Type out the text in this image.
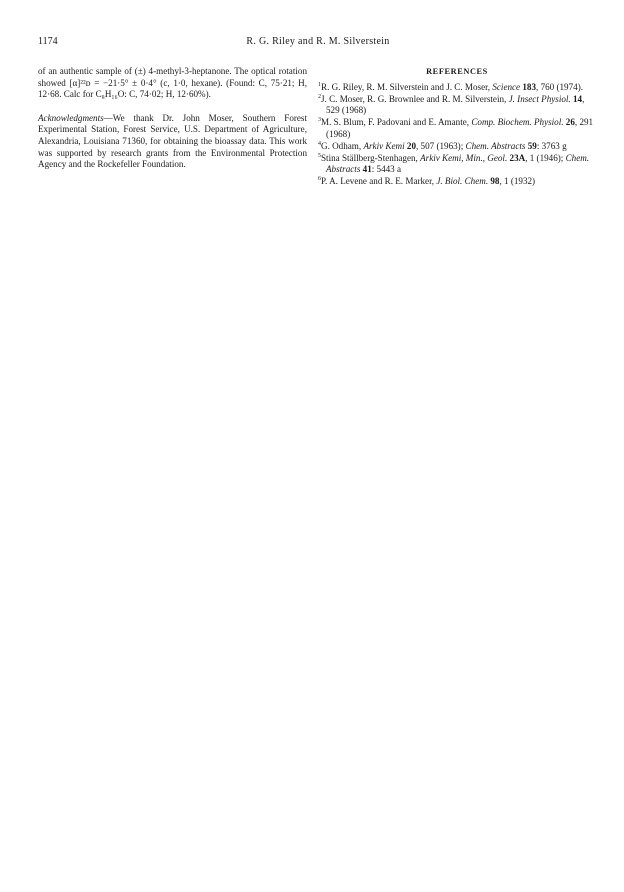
1174	R. G. Riley and R. M. Silverstein

of an authentic sample of (±) 4-methyl-3-heptanone. The optical rotation showed [α]²²ᴅ = −21·5° ± 0·4° (c, 1·0, hexane). (Found: C, 75·21; H, 12·68. Calc for C₈H₁₆O: C, 74·02; H, 12·60%).

Acknowledgments—We thank Dr. John Moser, Southern Forest Experimental Station, Forest Service, U.S. Department of Agriculture, Alexandria, Louisiana 71360, for obtaining the bioassay data. This work was supported by research grants from the Environmental Protection Agency and the Rockefeller Foundation.

REFERENCES
$^1$R. G. Riley, R. M. Silverstein and J. C. Moser, Science 183, 760 (1974).
$^2$J. C. Moser, R. G. Brownlee and R. M. Silverstein, J. Insect Physiol. 14, 529 (1968)
$^3$M. S. Blum, F. Padovani and E. Amante, Comp. Biochem. Physiol. 26, 291 (1968)
$^4$G. Odham, Arkiv Kemi 20, 507 (1963); Chem. Abstracts 59: 3763 g
$^5$Stina Ställberg-Stenhagen, Arkiv Kemi, Min., Geol. 23A, 1 (1946); Chem. Abstracts 41: 5443 a
$^6$P. A. Levene and R. E. Marker, J. Biol. Chem. 98, 1 (1932)
